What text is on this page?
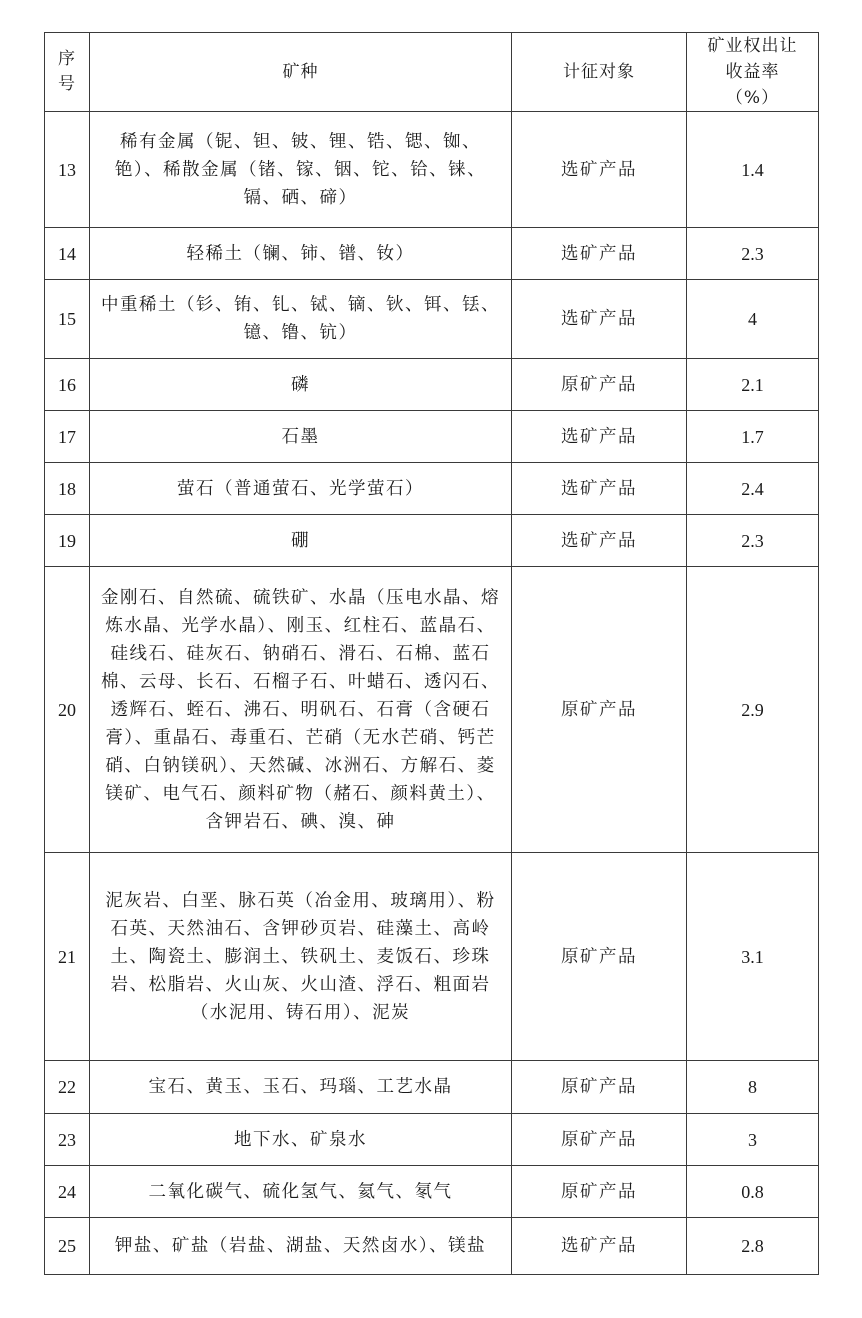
序号	矿种	计征对象	矿业权出让收益率（%）

13	稀有金属（铌、钽、铍、锂、锆、锶、铷、铯）、稀散金属（锗、镓、铟、铊、铪、铼、镉、硒、碲）	选矿产品	1.4
14	轻稀土（镧、铈、镨、钕）	选矿产品	2.3
15	中重稀土（钐、铕、钆、铽、镝、钬、铒、铥、镱、镥、钪）	选矿产品	4
16	磷	原矿产品	2.1
17	石墨	选矿产品	1.7
18	萤石（普通萤石、光学萤石）	选矿产品	2.4
19	硼	选矿产品	2.3
20	金刚石、自然硫、硫铁矿、水晶（压电水晶、熔炼水晶、光学水晶）、刚玉、红柱石、蓝晶石、硅线石、硅灰石、钠硝石、滑石、石棉、蓝石棉、云母、长石、石榴子石、叶蜡石、透闪石、透辉石、蛭石、沸石、明矾石、石膏（含硬石膏）、重晶石、毒重石、芒硝（无水芒硝、钙芒硝、白钠镁矾）、天然碱、冰洲石、方解石、菱镁矿、电气石、颜料矿物（赭石、颜料黄土）、含钾岩石、碘、溴、砷	原矿产品	2.9
21	泥灰岩、白垩、脉石英（冶金用、玻璃用）、粉石英、天然油石、含钾砂页岩、硅藻土、高岭土、陶瓷土、膨润土、铁矾土、麦饭石、珍珠岩、松脂岩、火山灰、火山渣、浮石、粗面岩（水泥用、铸石用）、泥炭	原矿产品	3.1
22	宝石、黄玉、玉石、玛瑙、工艺水晶	原矿产品	8
23	地下水、矿泉水	原矿产品	3
24	二氧化碳气、硫化氢气、氦气、氡气	原矿产品	0.8
25	钾盐、矿盐（岩盐、湖盐、天然卤水）、镁盐	选矿产品	2.8
